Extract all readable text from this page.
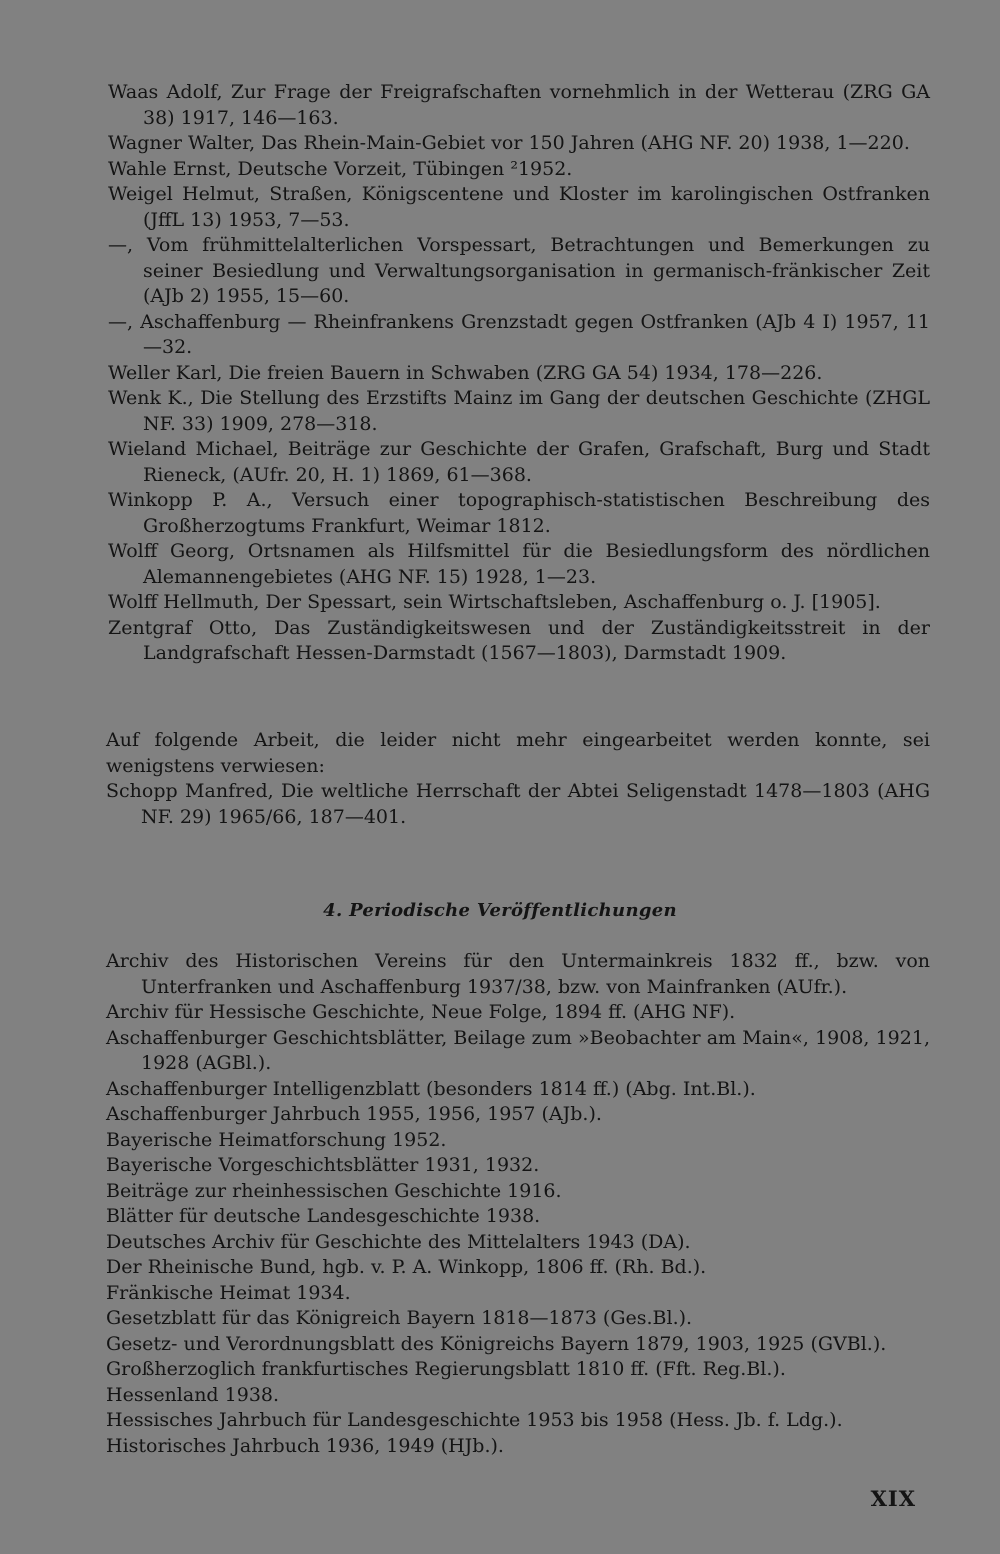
Waas Adolf, Zur Frage der Freigrafschaften vornehmlich in der Wetterau (ZRG GA 38) 1917, 146—163.

Wagner Walter, Das Rhein-Main-Gebiet vor 150 Jahren (AHG NF. 20) 1938, 1—220.

Wahle Ernst, Deutsche Vorzeit, Tübingen ²1952.

Weigel Helmut, Straßen, Königscentene und Kloster im karolingischen Ostfranken (JffL 13) 1953, 7—53.

—, Vom frühmittelalterlichen Vorspessart, Betrachtungen und Bemerkungen zu seiner Besiedlung und Verwaltungsorganisation in germanisch-fränkischer Zeit (AJb 2) 1955, 15—60.

—, Aschaffenburg — Rheinfrankens Grenzstadt gegen Ostfranken (AJb 4 I) 1957, 11—32.

Weller Karl, Die freien Bauern in Schwaben (ZRG GA 54) 1934, 178—226.

Wenk K., Die Stellung des Erzstifts Mainz im Gang der deutschen Geschichte (ZHGL NF. 33) 1909, 278—318.

Wieland Michael, Beiträge zur Geschichte der Grafen, Grafschaft, Burg und Stadt Rieneck, (AUfr. 20, H. 1) 1869, 61—368.

Winkopp P. A., Versuch einer topographisch-statistischen Beschreibung des Großherzogtums Frankfurt, Weimar 1812.

Wolff Georg, Ortsnamen als Hilfsmittel für die Besiedlungsform des nördlichen Alemannengebietes (AHG NF. 15) 1928, 1—23.

Wolff Hellmuth, Der Spessart, sein Wirtschaftsleben, Aschaffenburg o. J. [1905].

Zentgraf Otto, Das Zuständigkeitswesen und der Zuständigkeitsstreit in der Landgrafschaft Hessen-Darmstadt (1567—1803), Darmstadt 1909.

Auf folgende Arbeit, die leider nicht mehr eingearbeitet werden konnte, sei wenigstens verwiesen:

Schopp Manfred, Die weltliche Herrschaft der Abtei Seligenstadt 1478—1803 (AHG NF. 29) 1965/66, 187—401.

4. Periodische Veröffentlichungen

Archiv des Historischen Vereins für den Untermainkreis 1832 ff., bzw. von Unterfranken und Aschaffenburg 1937/38, bzw. von Mainfranken (AUfr.).

Archiv für Hessische Geschichte, Neue Folge, 1894 ff. (AHG NF).

Aschaffenburger Geschichtsblätter, Beilage zum »Beobachter am Main«, 1908, 1921, 1928 (AGBl.).

Aschaffenburger Intelligenzblatt (besonders 1814 ff.) (Abg. Int.Bl.).

Aschaffenburger Jahrbuch 1955, 1956, 1957 (AJb.).

Bayerische Heimatforschung 1952.

Bayerische Vorgeschichtsblätter 1931, 1932.

Beiträge zur rheinhessischen Geschichte 1916.

Blätter für deutsche Landesgeschichte 1938.

Deutsches Archiv für Geschichte des Mittelalters 1943 (DA).

Der Rheinische Bund, hgb. v. P. A. Winkopp, 1806 ff. (Rh. Bd.).

Fränkische Heimat 1934.

Gesetzblatt für das Königreich Bayern 1818—1873 (Ges.Bl.).

Gesetz- und Verordnungsblatt des Königreichs Bayern 1879, 1903, 1925 (GVBl.).

Großherzoglich frankfurtisches Regierungsblatt 1810 ff. (Fft. Reg.Bl.).

Hessenland 1938.

Hessisches Jahrbuch für Landesgeschichte 1953 bis 1958 (Hess. Jb. f. Ldg.).

Historisches Jahrbuch 1936, 1949 (HJb.).

XIX
